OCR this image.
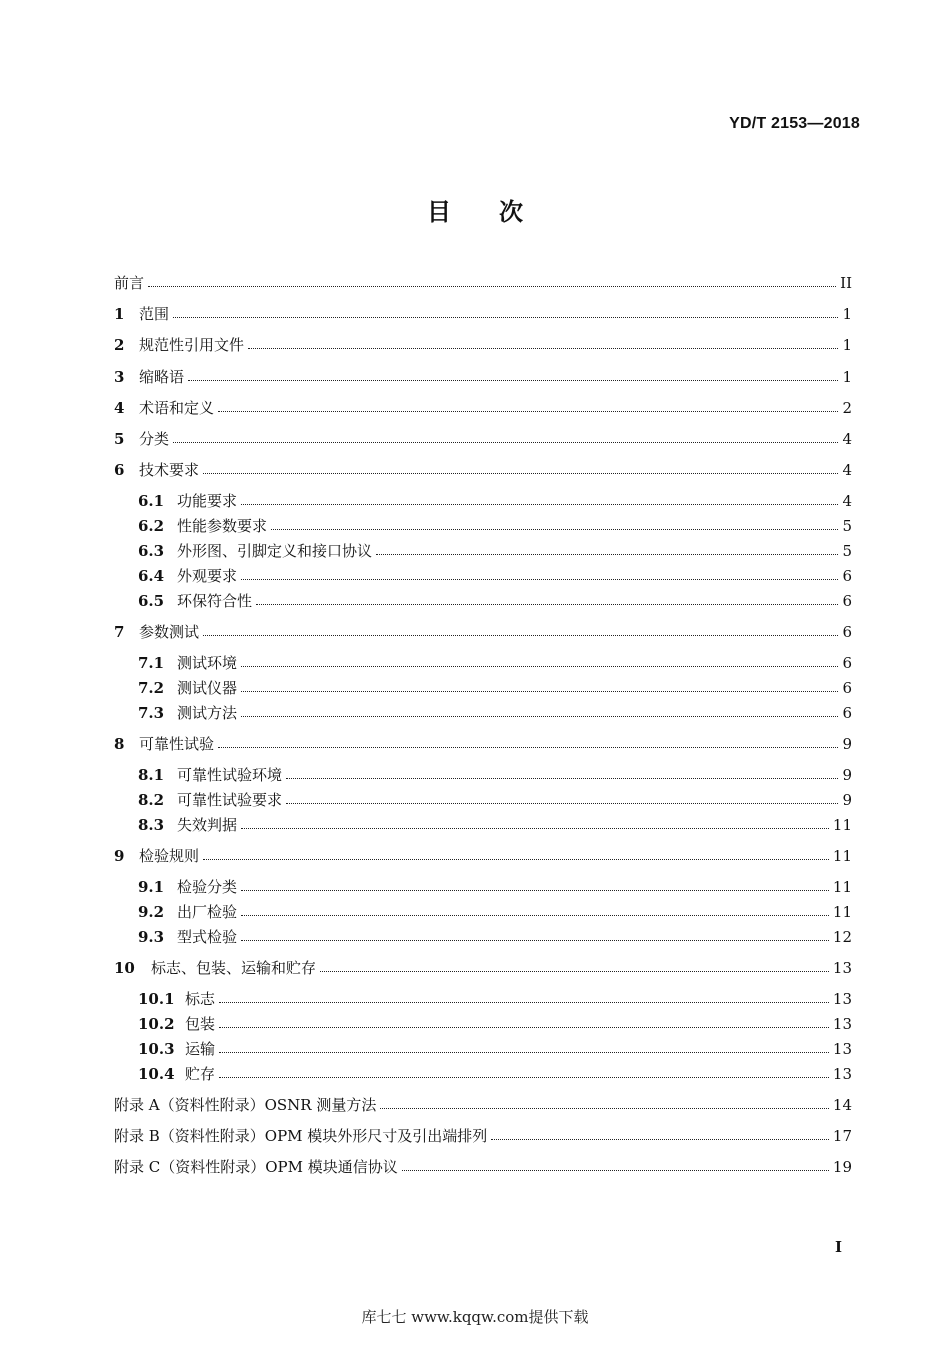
YD/T 2153—2018
目 次
前言	II
1 范围	1
2 规范性引用文件	1
3 缩略语	1
4 术语和定义	2
5 分类	4
6 技术要求	4
6.1 功能要求	4
6.2 性能参数要求	5
6.3 外形图、引脚定义和接口协议	5
6.4 外观要求	6
6.5 环保符合性	6
7 参数测试	6
7.1 测试环境	6
7.2 测试仪器	6
7.3 测试方法	6
8 可靠性试验	9
8.1 可靠性试验环境	9
8.2 可靠性试验要求	9
8.3 失效判据	11
9 检验规则	11
9.1 检验分类	11
9.2 出厂检验	11
9.3 型式检验	12
10	标志、包装、运输和贮存	13
10.1 标志	13
10.2 包装	13
10.3 运输	13
10.4 贮存	13
附录 A（资料性附录）OSNR 测量方法	14
附录 B（资料性附录）OPM 模块外形尺寸及引出端排列	17
附录 C（资料性附录）OPM 模块通信协议	19
I
库七七 www.kqqw.com提供下载
